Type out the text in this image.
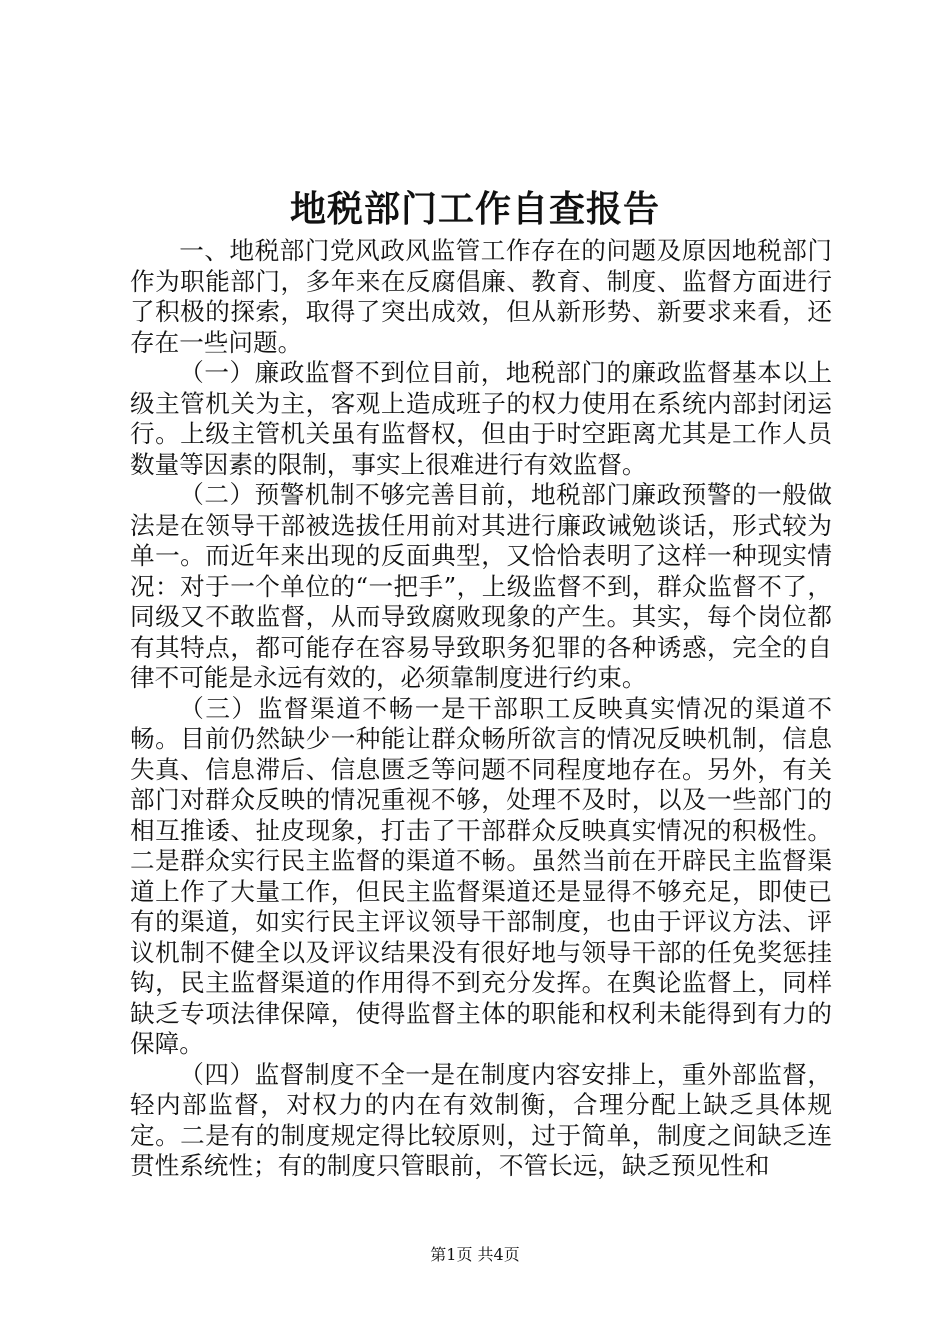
地税部门工作自查报告

一、地税部门党风政风监管工作存在的问题及原因地税部门作为职能部门，多年来在反腐倡廉、教育、制度、监督方面进行了积极的探索，取得了突出成效，但从新形势、新要求来看，还存在一些问题。

（一）廉政监督不到位目前，地税部门的廉政监督基本以上级主管机关为主，客观上造成班子的权力使用在系统内部封闭运行。上级主管机关虽有监督权，但由于时空距离尤其是工作人员数量等因素的限制，事实上很难进行有效监督。

（二）预警机制不够完善目前，地税部门廉政预警的一般做法是在领导干部被选拔任用前对其进行廉政诫勉谈话，形式较为单一。而近年来出现的反面典型，又恰恰表明了这样一种现实情况：对于一个单位的“一把手”，上级监督不到，群众监督不了，同级又不敢监督，从而导致腐败现象的产生。其实，每个岗位都有其特点，都可能存在容易导致职务犯罪的各种诱惑，完全的自律不可能是永远有效的，必须靠制度进行约束。

（三）监督渠道不畅一是干部职工反映真实情况的渠道不畅。目前仍然缺少一种能让群众畅所欲言的情况反映机制，信息失真、信息滞后、信息匮乏等问题不同程度地存在。另外，有关部门对群众反映的情况重视不够，处理不及时，以及一些部门的相互推诿、扯皮现象，打击了干部群众反映真实情况的积极性。二是群众实行民主监督的渠道不畅。虽然当前在开辟民主监督渠道上作了大量工作，但民主监督渠道还是显得不够充足，即使已有的渠道，如实行民主评议领导干部制度，也由于评议方法、评议机制不健全以及评议结果没有很好地与领导干部的任免奖惩挂钩，民主监督渠道的作用得不到充分发挥。在舆论监督上，同样缺乏专项法律保障，使得监督主体的职能和权利未能得到有力的保障。

（四）监督制度不全一是在制度内容安排上，重外部监督，轻内部监督，对权力的内在有效制衡，合理分配上缺乏具体规定。二是有的制度规定得比较原则，过于简单，制度之间缺乏连贯性系统性；有的制度只管眼前，不管长远，缺乏预见性和

第1页 共4页
